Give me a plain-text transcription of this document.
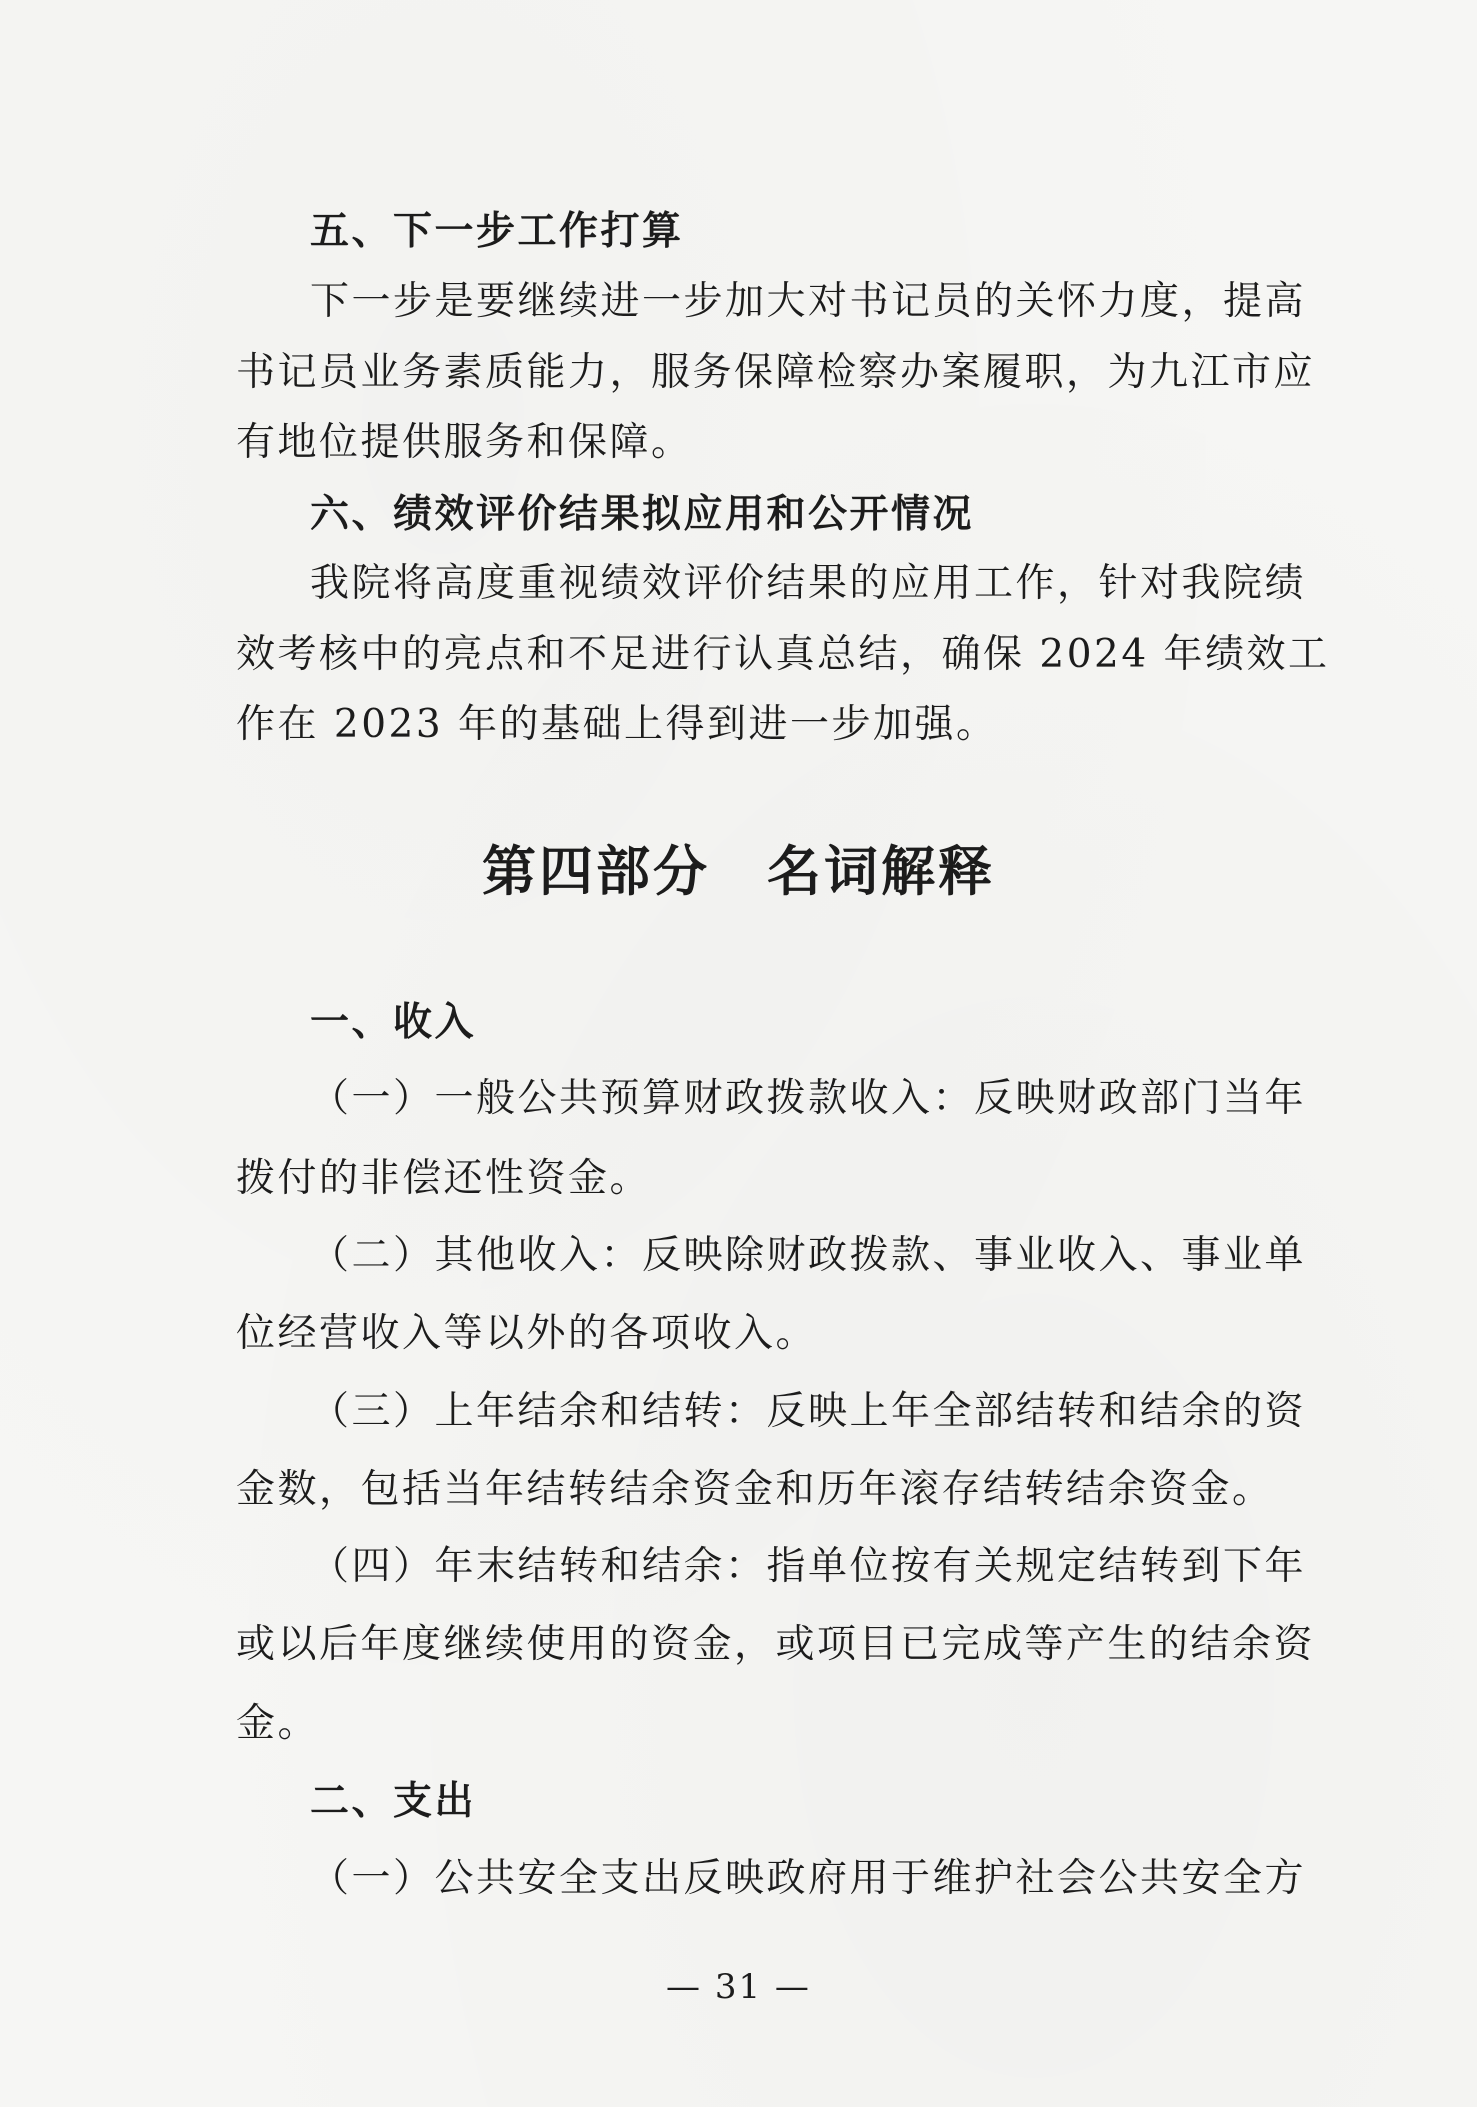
五、下一步工作打算
下一步是要继续进一步加大对书记员的关怀力度，提高
书记员业务素质能力，服务保障检察办案履职，为九江市应
有地位提供服务和保障。
六、绩效评价结果拟应用和公开情况
我院将高度重视绩效评价结果的应用工作，针对我院绩
效考核中的亮点和不足进行认真总结，确保 2024 年绩效工
作在 2023 年的基础上得到进一步加强。
第四部分　名词解释
一、收入
（一）一般公共预算财政拨款收入：反映财政部门当年
拨付的非偿还性资金。
（二）其他收入：反映除财政拨款、事业收入、事业单
位经营收入等以外的各项收入。
（三）上年结余和结转：反映上年全部结转和结余的资
金数，包括当年结转结余资金和历年滚存结转结余资金。
（四）年末结转和结余：指单位按有关规定结转到下年
或以后年度继续使用的资金，或项目已完成等产生的结余资
金。
二、支出
（一）公共安全支出反映政府用于维护社会公共安全方
— 31 —
